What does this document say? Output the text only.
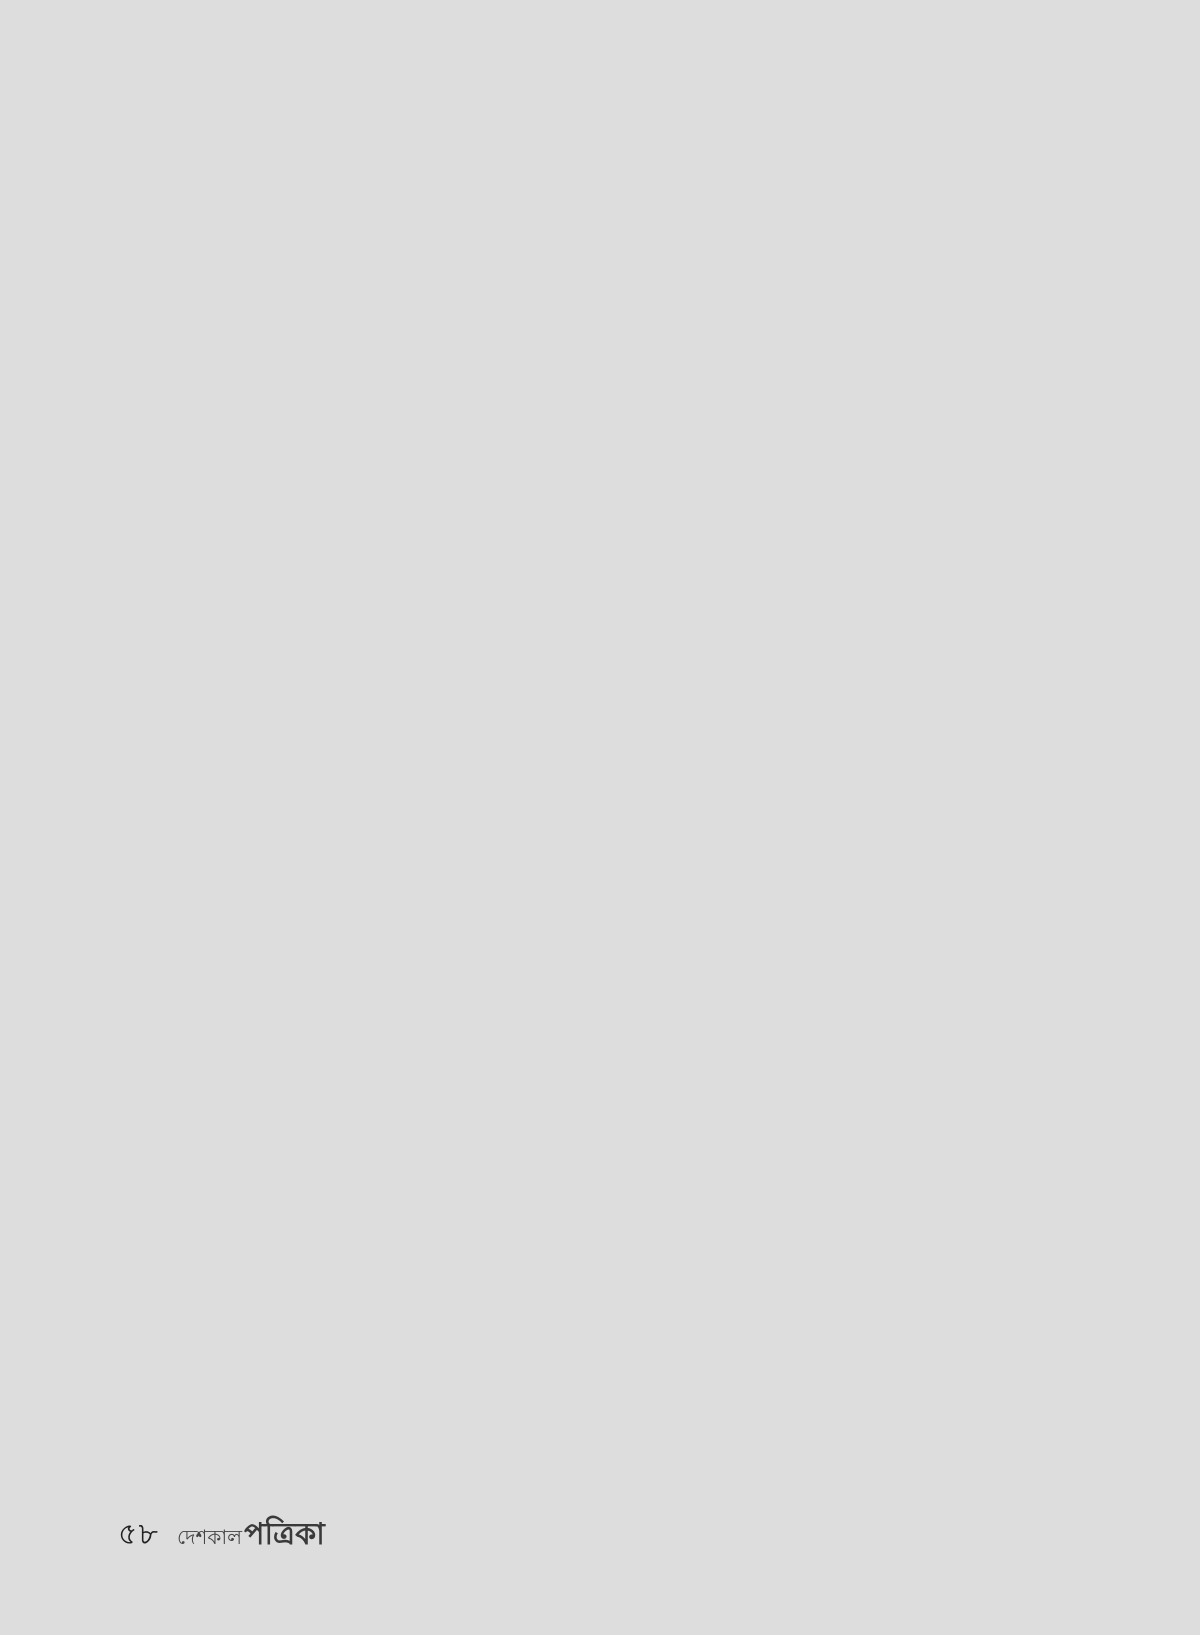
৫৮ দেশকাল পত্রিকা
